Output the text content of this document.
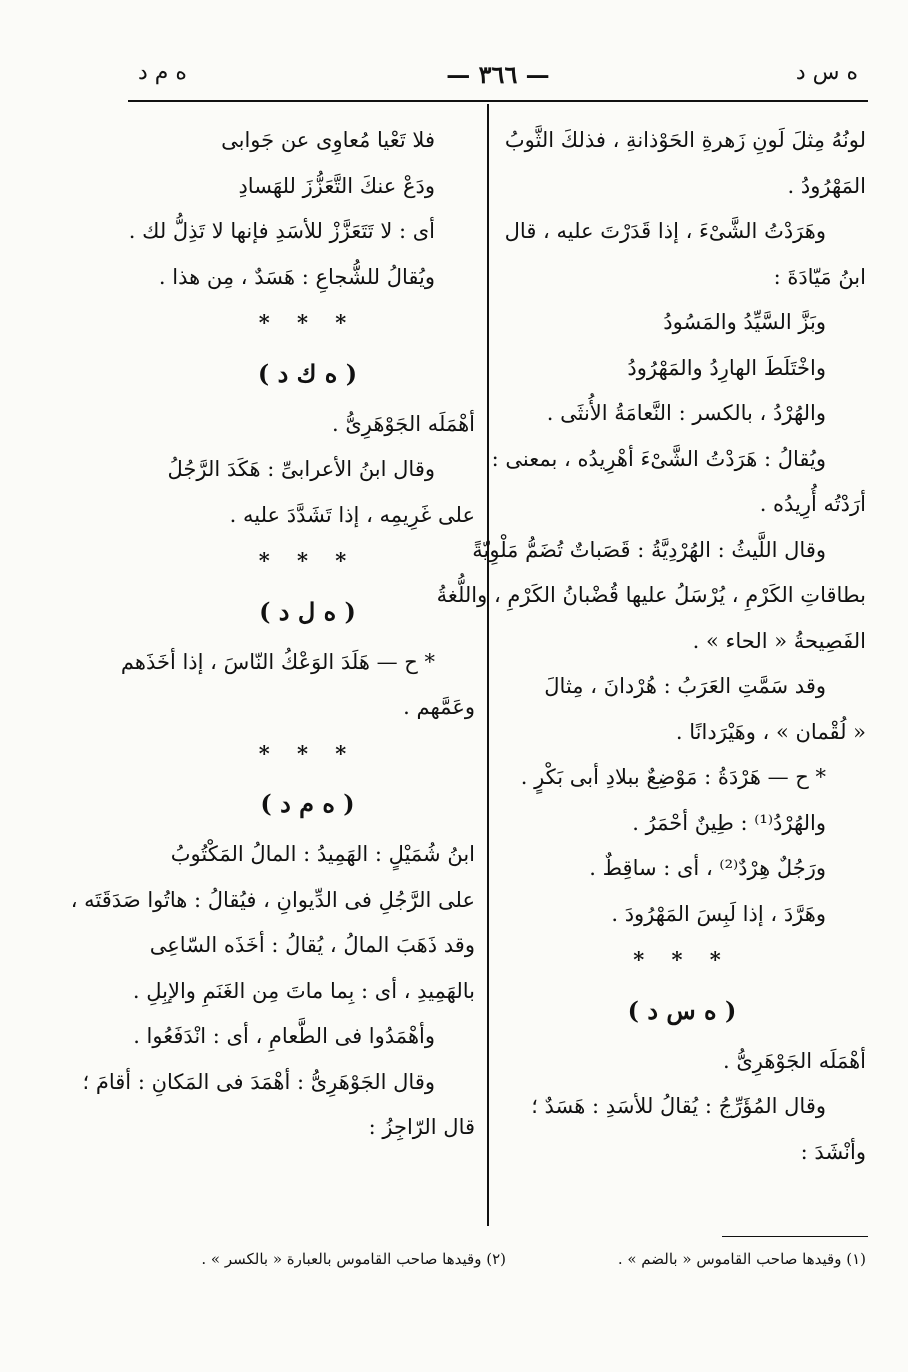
ه س د
— ٣٦٦ —
ه م د

لونُهُ مِثلَ لَونِ زَهرةِ الحَوْذانةِ ، فذلكَ الثَّوبُ

المَهْرُودُ .

وهَرَدْتُ الشَّىْءَ ، إذا قَدَرْتَ عليه ، قال

ابنُ مَيّادَةَ :

وبَزَّ السَّيِّدُ والمَسُودُ

واخْتَلَطَ الهارِدُ والمَهْرُودُ

والهُرْدُ ، بالكسر : النَّعامَةُ الأُنثَى .

ويُقالُ : هَرَدْتُ الشَّىْءَ أهْرِيدُه ، بمعنى :

أرَدْتُه أُرِيدُه .

وقال اللَّيثُ : الهُرْدِيَّةُ : قَصَباتٌ تُضَمُّ مَلْوِيّةً

بطاقاتِ الكَرْمِ ، يُرْسَلُ عليها قُضْبانُ الكَرْمِ ، واللُّغةُ

الفَصِيحةُ « الحاء » .

وقد سَمَّتِ العَرَبُ : هُرْدانَ ، مِثالَ

« لُقْمان » ، وهَيْرَدانًا .

* ح — هَرْدَةُ : مَوْضِعٌ ببلادِ أبى بَكْرٍ .

والهُرْدُ⁽¹⁾ : طِينٌ أحْمَرُ .

ورَجُلٌ هِرْدٌ⁽²⁾ ، أى : ساقِطٌ .

وهَرَّدَ ، إذا لَبِسَ المَهْرُودَ .

* * *

( ه س د )

أهْمَلَه الجَوْهَرِىُّ .

وقال المُؤَرِّجُ : يُقالُ للأسَدِ : هَسَدٌ ؛

وأنْشَدَ :

فلا تَعْيا مُعاوِى عن جَوابى

ودَعْ عنكَ التَّعَزُّزَ للهَسادِ

أى : لا تَتَعَزَّزْ للأسَدِ فإنها لا تَذِلُّ لك .

ويُقالُ للشُّجاعِ : هَسَدٌ ، مِن هذا .

* * *

( ه ك د )

أهْمَلَه الجَوْهَرِىُّ .

وقال ابنُ الأعرابىِّ : هَكَدَ الرَّجُلُ

على غَرِيمِه ، إذا تَشَدَّدَ عليه .

* * *

( ه ل د )

* ح — هَلَدَ الوَعْكُ النّاسَ ، إذا أخَذَهم

وعَمَّهم .

* * *

( ه م د )

ابنُ شُمَيْلٍ : الهَمِيدُ : المالُ المَكْتُوبُ

على الرَّجُلِ فى الدِّيوانِ ، فيُقالُ : هاتُوا صَدَقَتَه ،

وقد ذَهَبَ المالُ ، يُقالُ : أخَذَه السّاعِى

بالهَمِيدِ ، أى : بِما ماتَ مِن الغَنَمِ والإبِلِ .

وأهْمَدُوا فى الطَّعامِ ، أى : انْدَفَعُوا .

وقال الجَوْهَرِىُّ : أهْمَدَ فى المَكانِ : أقامَ ؛

قال الرّاجِزُ :

(١) وقيدها صاحب القاموس « بالضم » .
(٢) وقيدها صاحب القاموس بالعبارة « بالكسر » .
